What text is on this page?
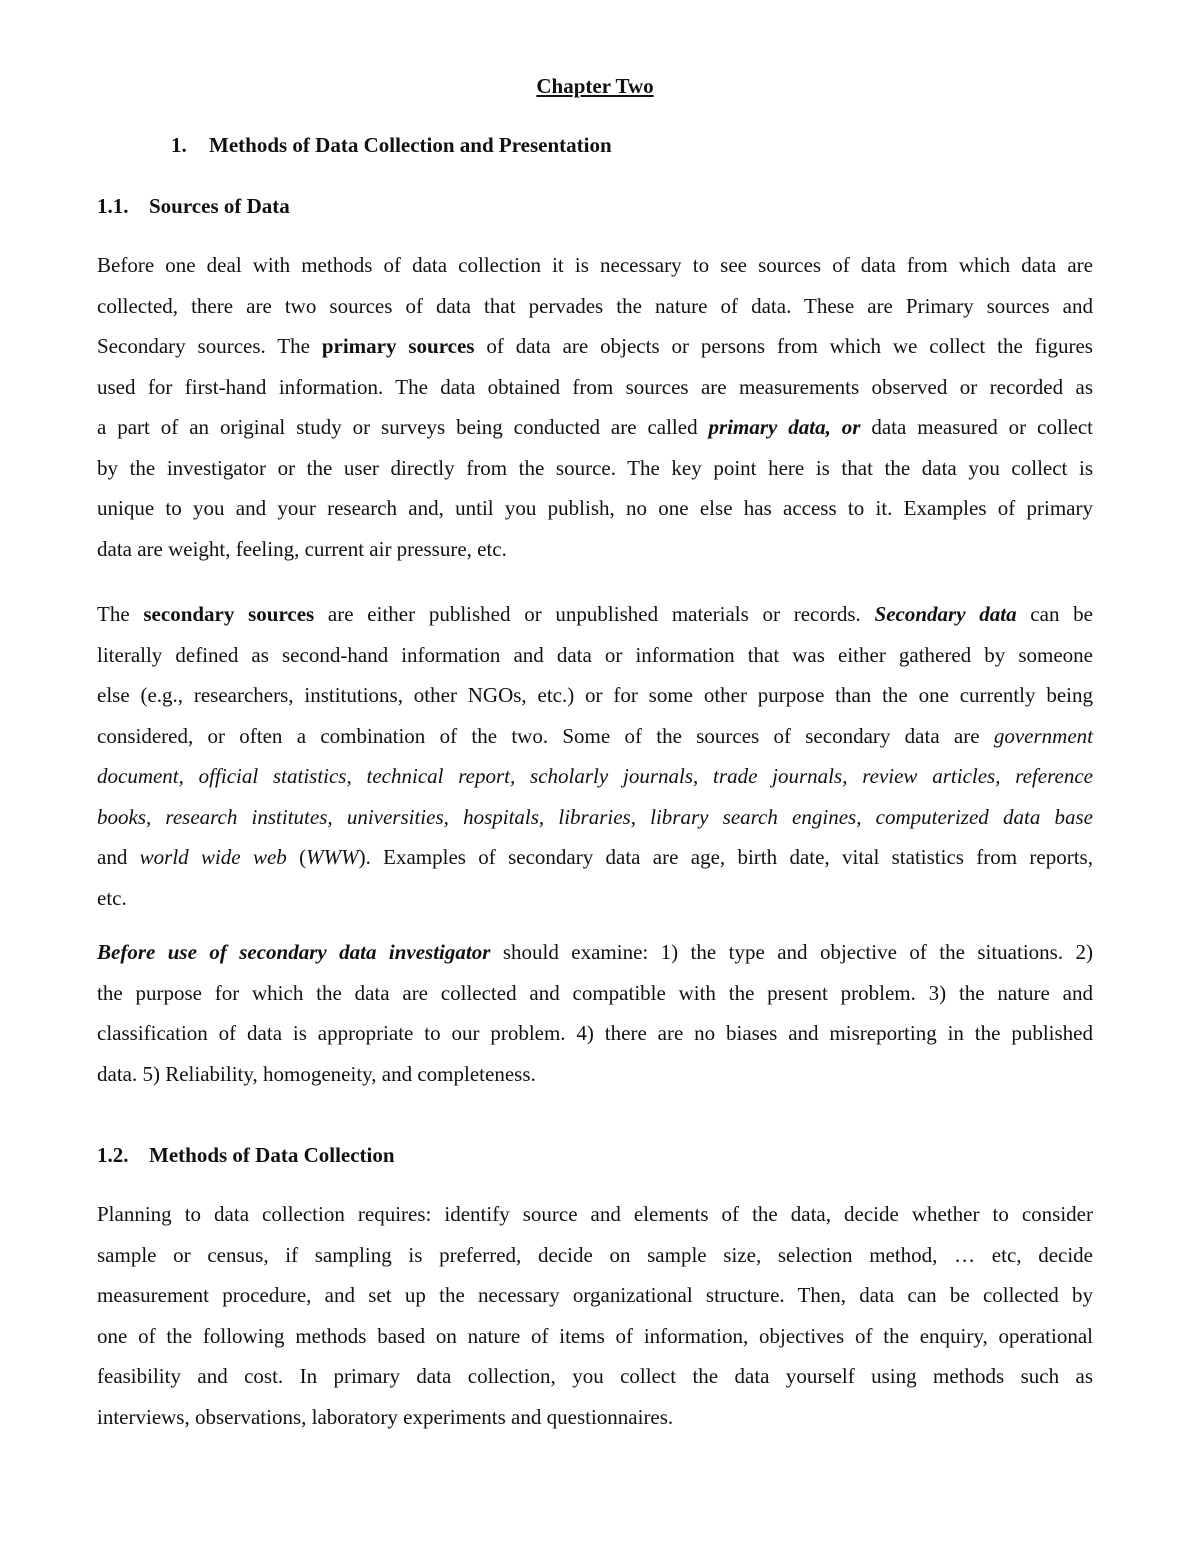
Chapter Two
1. Methods of Data Collection and Presentation
1.1. Sources of Data
Before one deal with methods of data collection it is necessary to see sources of data from which data are
collected, there are two sources of data that pervades the nature of data. These are Primary sources and
Secondary sources. The primary sources of data are objects or persons from which we collect the figures
used for first-hand information. The data obtained from sources are measurements observed or recorded as
a part of an original study or surveys being conducted are called primary data, or data measured or collect
by the investigator or the user directly from the source. The key point here is that the data you collect is
unique to you and your research and, until you publish, no one else has access to it. Examples of primary
data are weight, feeling, current air pressure, etc.
The secondary sources are either published or unpublished materials or records. Secondary data can be
literally defined as second-hand information and data or information that was either gathered by someone
else (e.g., researchers, institutions, other NGOs, etc.) or for some other purpose than the one currently being
considered, or often a combination of the two. Some of the sources of secondary data are government
document, official statistics, technical report, scholarly journals, trade journals, review articles, reference
books, research institutes, universities, hospitals, libraries, library search engines, computerized data base
and world wide web (WWW). Examples of secondary data are age, birth date, vital statistics from reports,
etc.
Before use of secondary data investigator should examine: 1) the type and objective of the situations. 2)
the purpose for which the data are collected and compatible with the present problem. 3) the nature and
classification of data is appropriate to our problem. 4) there are no biases and misreporting in the published
data. 5) Reliability, homogeneity, and completeness.
1.2. Methods of Data Collection
Planning to data collection requires: identify source and elements of the data, decide whether to consider
sample or census, if sampling is preferred, decide on sample size, selection method, … etc, decide
measurement procedure, and set up the necessary organizational structure. Then, data can be collected by
one of the following methods based on nature of items of information, objectives of the enquiry, operational
feasibility and cost. In primary data collection, you collect the data yourself using methods such as
interviews, observations, laboratory experiments and questionnaires.
